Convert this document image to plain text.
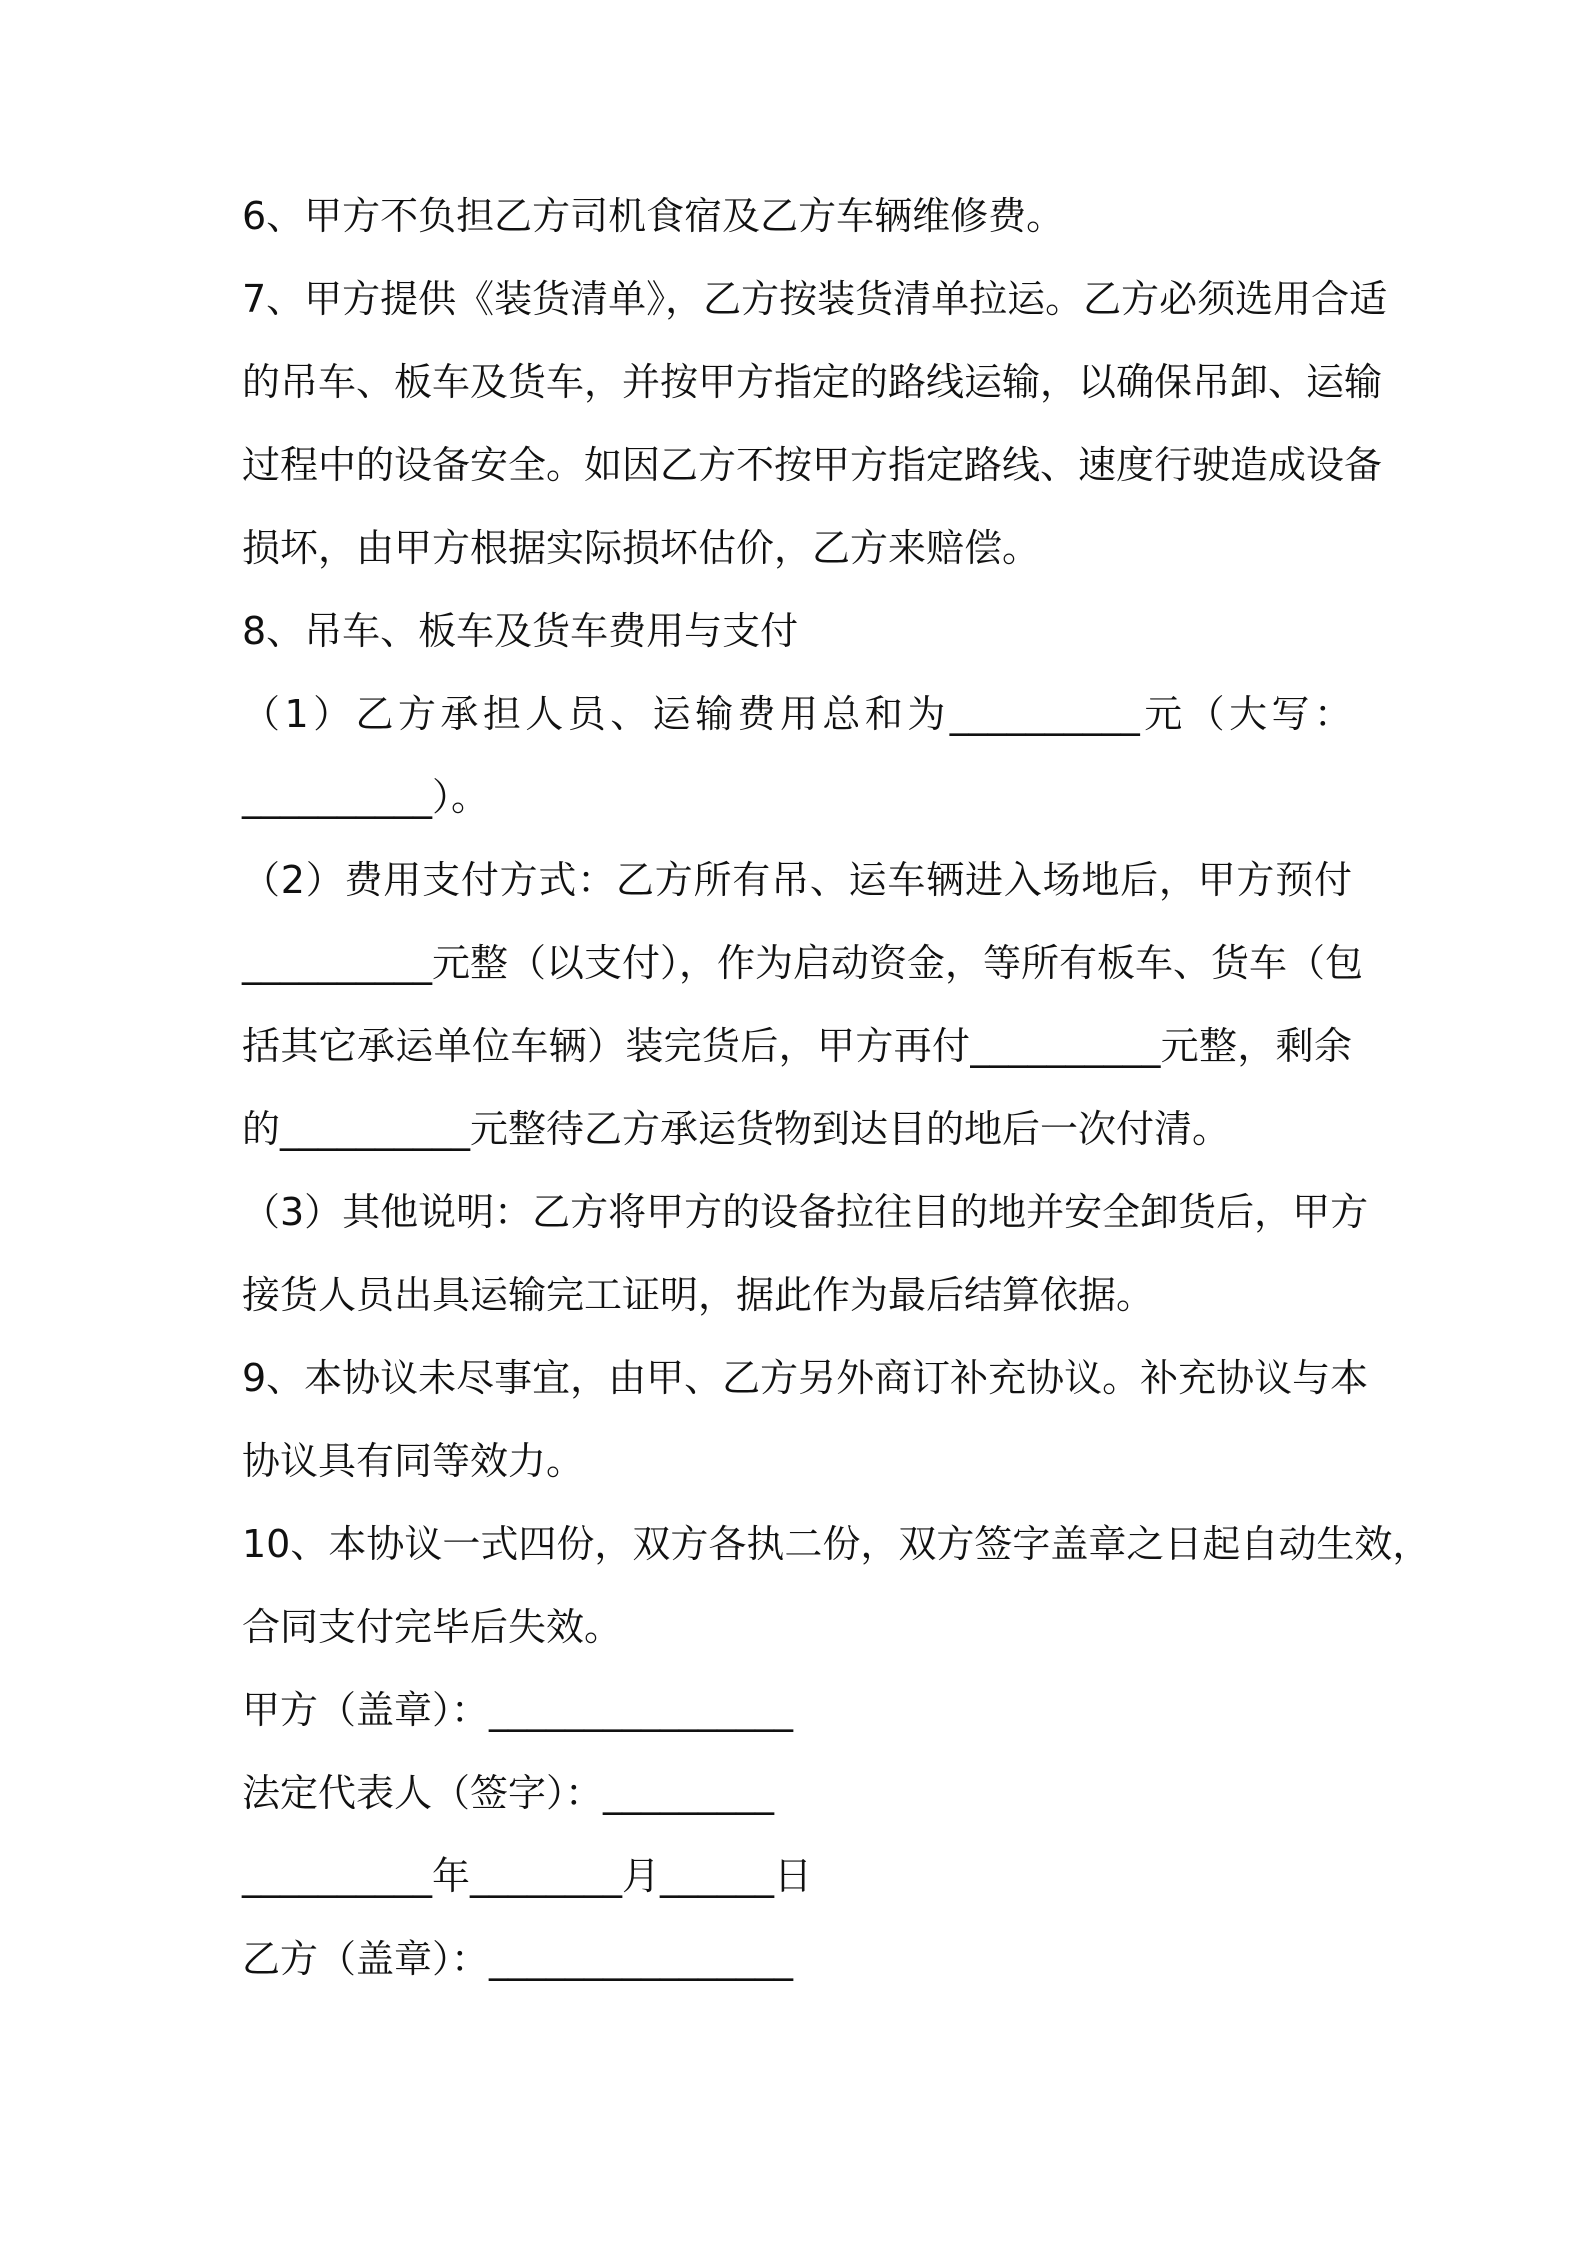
6、甲方不负担乙方司机食宿及乙方车辆维修费。
7、甲方提供《装货清单》，乙方按装货清单拉运。乙方必须选用合适
的吊车、板车及货车，并按甲方指定的路线运输，以确保吊卸、运输
过程中的设备安全。如因乙方不按甲方指定路线、速度行驶造成设备
损坏，由甲方根据实际损坏估价，乙方来赔偿。
8、吊车、板车及货车费用与支付
（1）乙方承担人员、运输费用总和为__________元（大写：
__________）。
（2）费用支付方式：乙方所有吊、运车辆进入场地后，甲方预付
__________元整（以支付），作为启动资金，等所有板车、货车（包
括其它承运单位车辆）装完货后，甲方再付__________元整，剩余
的__________元整待乙方承运货物到达目的地后一次付清。
（3）其他说明：乙方将甲方的设备拉往目的地并安全卸货后，甲方
接货人员出具运输完工证明，据此作为最后结算依据。
9、本协议未尽事宜，由甲、乙方另外商订补充协议。补充协议与本
协议具有同等效力。
10、本协议一式四份，双方各执二份，双方签字盖章之日起自动生效，
合同支付完毕后失效。
甲方（盖章）：________________
法定代表人（签字）：_________
__________年________月______日
乙方（盖章）：________________
